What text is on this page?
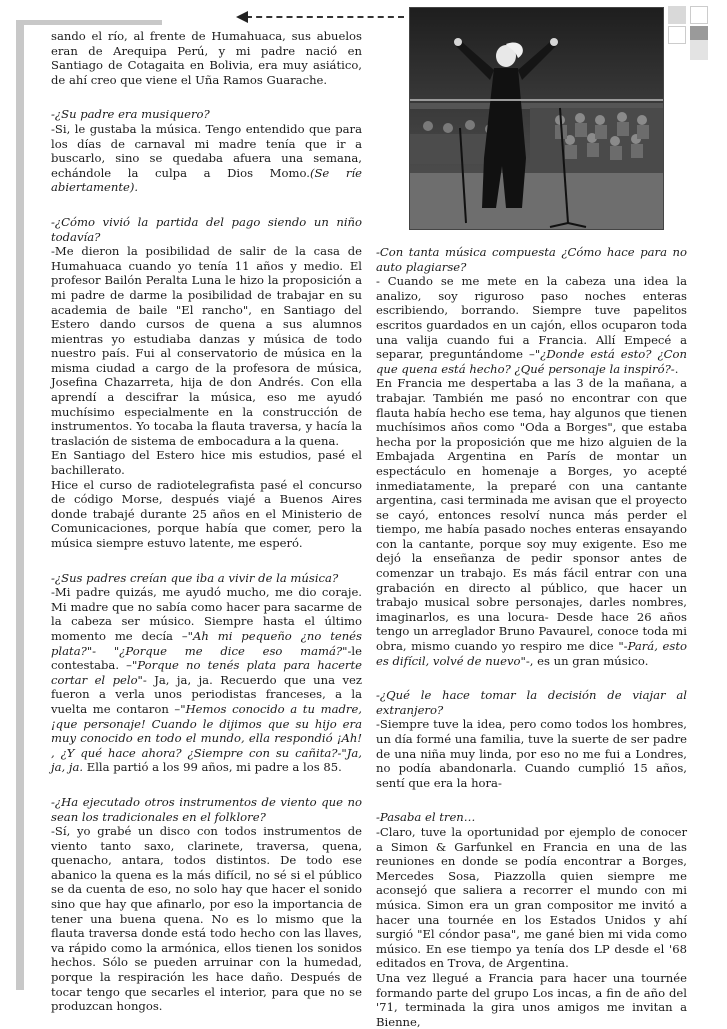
sando el río, al frente de Humahuaca, sus abuelos eran de Arequipa Perú, y mi padre nació en Santiago de Cotagaita en Bolivia, era muy asiático, de ahí creo que viene el Uña Ramos Guarache.

-¿Su padre era musiquero?

-Si, le gustaba la música. Tengo entendido que para los días de carnaval mi madre tenía que ir a buscarlo, sino se quedaba afuera una semana, echándole la culpa a Dios Momo.(Se ríe abiertamente).

-¿Cómo vivió la partida del pago siendo un niño todavía?

-Me dieron la posibilidad de salir de la casa de Humahuaca cuando yo tenía 11 años y medio. El profesor Bailón Peralta Luna le hizo la proposición a mi padre de darme la posibilidad de trabajar en su academia de baile "El rancho", en Santiago del Estero dando cursos de quena a sus alumnos mientras yo estudiaba danzas y música de todo nuestro país. Fui al conservatorio de música en la misma ciudad a cargo de la profesora de música, Josefina Chazarreta, hija de don Andrés. Con ella aprendí a descifrar la música, eso me ayudó muchísimo especialmente en la construcción de instrumentos. Yo tocaba la flauta traversa, y hacía la traslación de sistema de embocadura a la quena.

En Santiago del Estero hice mis estudios, pasé el bachillerato.

Hice el curso de radiotelegrafista pasé el concurso de código Morse, después viajé a Buenos Aires donde trabajé durante 25 años en el Ministerio de Comunicaciones, porque había que comer, pero la música siempre estuvo latente, me esperó.

-¿Sus padres creían que iba a vivir de la música?

-Mi padre quizás, me ayudó mucho, me dio coraje. Mi madre que no sabía como hacer para sacarme de la cabeza ser músico. Siempre hasta el último momento me decía –"Ah mi pequeño ¿no tenés plata?"- "¿Porque me dice eso mamá?"-le contestaba. –"Porque no tenés plata para hacerte cortar el pelo"- Ja, ja, ja. Recuerdo que una vez fueron a verla unos periodistas franceses, a la vuelta me contaron –"Hemos conocido a tu madre, ¡que personaje! Cuando le dijimos que su hijo era muy conocido en todo el mundo, ella respondió ¡Ah! , ¿Y qué hace ahora? ¿Siempre con su cañita?-"Ja, ja, ja. Ella partió a los 99 años, mi padre a los 85.

-¿Ha ejecutado otros instrumentos de viento que no sean los tradicionales en el folklore?

-Sí, yo grabé un disco con todos instrumentos de viento tanto saxo, clarinete, traversa, quena, quenacho, antara, todos distintos. De todo ese abanico la quena es la más difícil, no sé si el público se da cuenta de eso, no solo hay que hacer el sonido sino que hay que afinarlo, por eso la importancia de tener una buena quena. No es lo mismo que la flauta traversa donde está todo hecho con las llaves, va rápido como la armónica, ellos tienen los sonidos hechos. Sólo se pueden arruinar con la humedad, porque la respiración les hace daño. Después de tocar tengo que secarles el interior, para que no se produzcan hongos.

-Con tanta música compuesta ¿Cómo hace para no auto plagiarse?

- Cuando se me mete en la cabeza una idea la analizo, soy riguroso paso noches enteras escribiendo, borrando. Siempre tuve papelitos escritos guardados en un cajón, ellos ocuparon toda una valija cuando fui a Francia. Allí Empecé a separar, preguntándome –"¿Donde está esto? ¿Con que quena está hecho? ¿Qué personaje la inspiró?-.

En Francia me despertaba a las 3 de la mañana, a trabajar. También me pasó no encontrar con que flauta había hecho ese tema, hay algunos que tienen muchísimos años como "Oda a Borges", que estaba hecha por la proposición que me hizo alguien de la Embajada Argentina en París de montar un espectáculo en homenaje a Borges, yo acepté inmediatamente, la preparé con una cantante argentina, casi terminada me avisan que el proyecto se cayó, entonces resolví nunca más perder el tiempo, me había pasado noches enteras ensayando con la cantante, porque soy muy exigente. Eso me dejó la enseñanza de pedir sponsor antes de comenzar un trabajo. Es más fácil entrar con una grabación en directo al público, que hacer un trabajo musical sobre personajes, darles nombres, imaginarlos, es una locura- Desde hace 26 años tengo un arreglador Bruno Pavaurel, conoce toda mi obra, mismo cuando yo respiro me dice "-Pará, esto es difícil, volvé de nuevo"-, es un gran músico.

-¿Qué le hace tomar la decisión de viajar al extranjero?

-Siempre tuve la idea, pero como todos los hombres, un día formé una familia, tuve la suerte de ser padre de una niña muy linda, por eso no me fui a Londres, no podía abandonarla. Cuando cumplió 15 años, sentí que era la hora-

-Pasaba el tren…

-Claro, tuve la oportunidad por ejemplo de conocer a Simon & Garfunkel en Francia en una de las reuniones en donde se podía encontrar a Borges, Mercedes Sosa, Piazzolla quien siempre me aconsejó que saliera a recorrer el mundo con mi música. Simon era un gran compositor me invitó a hacer una tournée en los Estados Unidos y ahí surgió "El cóndor pasa", me gané bien mi vida como músico. En ese tiempo ya tenía dos LP desde el '68 editados en Trova, de Argentina.

Una vez llegué a Francia para hacer una tournée formando parte del grupo Los incas, a fin de año del '71, terminada la gira unos amigos me invitan a Bienne,
